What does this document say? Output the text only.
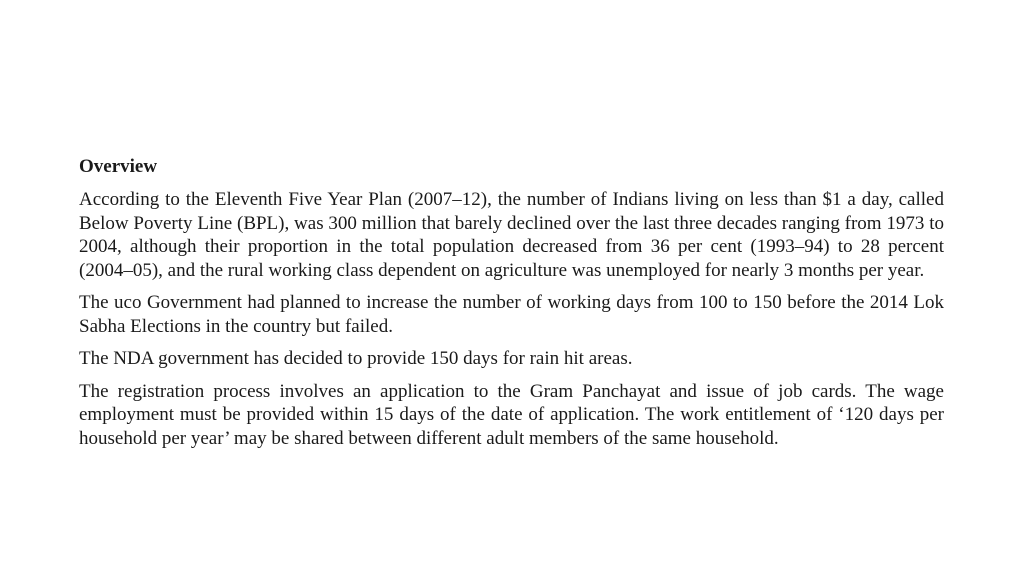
Overview

According to the Eleventh Five Year Plan (2007–12), the number of Indians living on less than $1 a day, called Below Poverty Line (BPL), was 300 million that barely declined over the last three decades ranging from 1973 to 2004, although their proportion in the total population decreased from 36 per cent (1993–94) to 28 percent (2004–05), and the rural working class dependent on agriculture was unemployed for nearly 3 months per year.

The uco Government had planned to increase the number of working days from 100 to 150 before the 2014 Lok Sabha Elections in the country but failed.

The NDA government has decided to provide 150 days for rain hit areas.

The registration process involves an application to the Gram Panchayat and issue of job cards. The wage employment must be provided within 15 days of the date of application. The work entitlement of ‘120 days per household per year’ may be shared between different adult members of the same household.
